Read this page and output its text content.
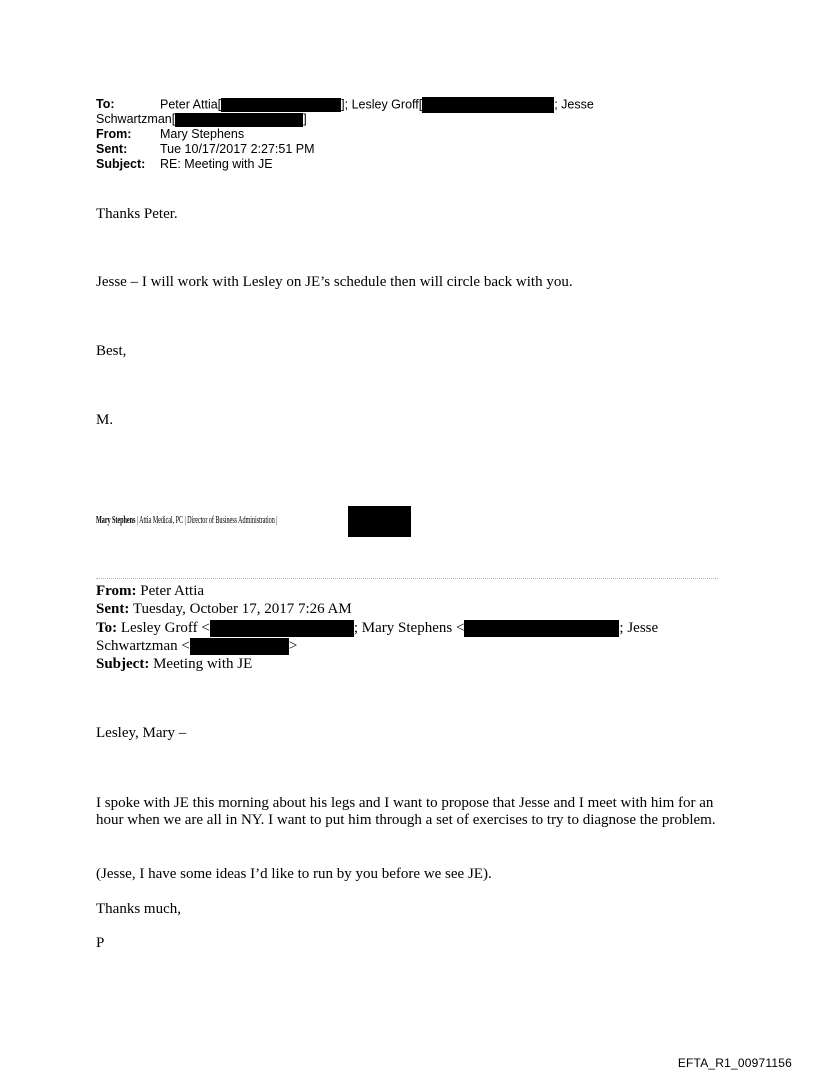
To:	Peter Attia[	]; Lesley Groff[	; Jesse
Schwartzman[	]
From: Mary Stephens
Sent:	Tue 10/17/2017 2:27:51 PM
Subject: RE: Meeting with JE
Thanks Peter.
Jesse – I will work with Lesley on JE’s schedule then will circle back with you.
Best,
M.
Mary Stephens | Attia Medical, PC | Director of Business Administration |
From: Peter Attia
Sent: Tuesday, October 17, 2017 7:26 AM
To: Lesley Groff <	; Mary Stephens <	; Jesse
Schwartzman <	>
Subject: Meeting with JE
Lesley, Mary –
I spoke with JE this morning about his legs and I want to propose that Jesse and I meet with him for an hour when we are all in NY. I want to put him through a set of exercises to try to diagnose the problem.
(Jesse, I have some ideas I’d like to run by you before we see JE).
Thanks much,
P
EFTA_R1_00971156
